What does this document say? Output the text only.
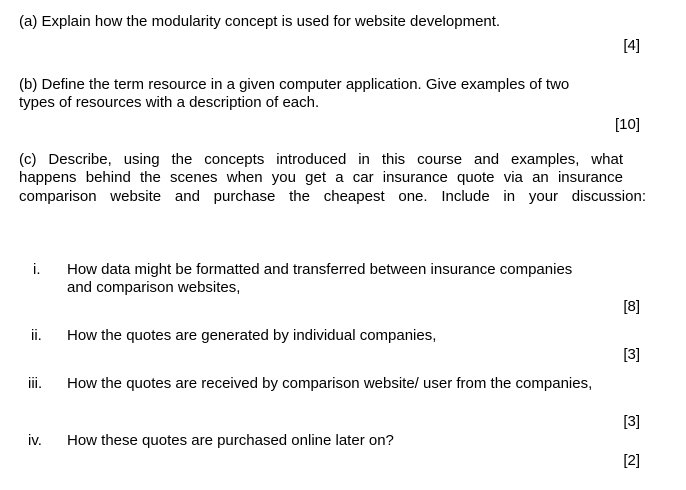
(a) Explain how the modularity concept is used for website development.
[4]
(b) Define the term resource in a given computer application. Give examples of two
types of resources with a description of each.
[10]
(c) Describe, using the concepts introduced in this course and examples, what
happens behind the scenes when you get a car insurance quote via an insurance
comparison website and purchase the cheapest one. Include in your discussion:
i.	How data might be formatted and transferred between insurance companies
and comparison websites,
[8]
ii.	How the quotes are generated by individual companies,
[3]
iii.	How the quotes are received by comparison website/ user from the companies,
[3]
iv.	How these quotes are purchased online later on?
[2]
